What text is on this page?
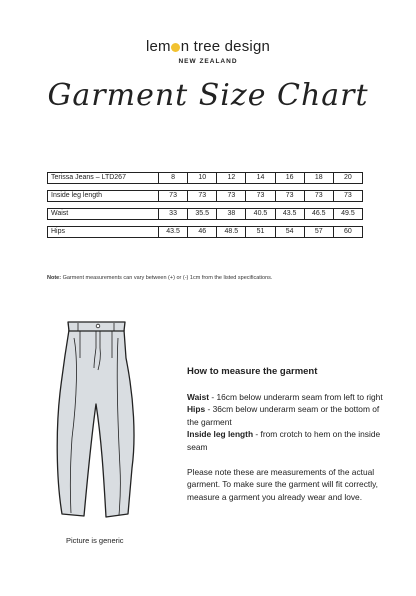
lem n tree design
NEW ZEALAND
Garment Size Chart
Terissa Jeans – LTD267	8	10	12	14	16	18	20

Inside leg length	73	73	73	73	73	73	73

Waist	33	35.5	38	40.5	43.5	46.5	49.5

Hips	43.5	46	48.5	51	54	57	60
Note: Garment measurements can vary between (+) or (-) 1cm from the listed specifications.
Picture is generic
How to measure the garment

Waist - 16cm below underarm seam from left to right
Hips - 36cm below underarm seam or the bottom of the garment
Inside leg length - from crotch to hem on the inside seam

Please note these are measurements of the actual garment. To make sure the garment will fit correctly, measure a garment you already wear and love.
